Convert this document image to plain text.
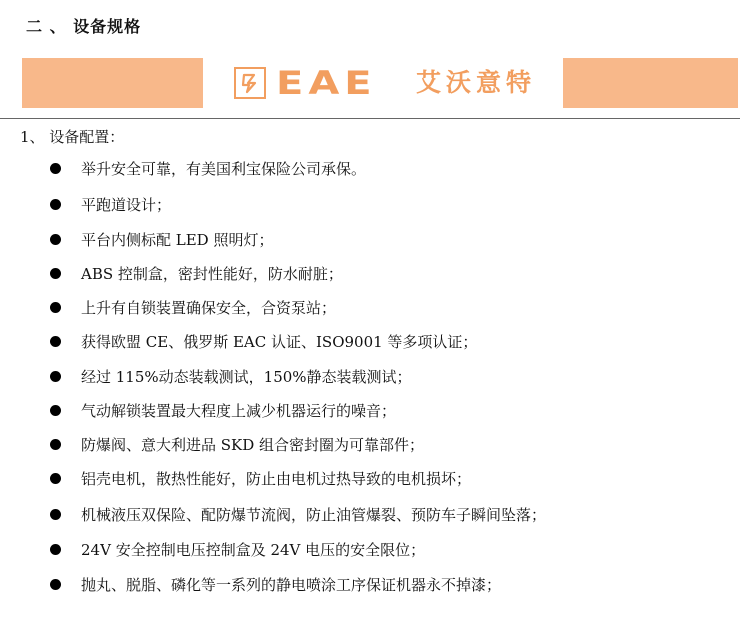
二 、 设备规格
EAE	艾沃意特
1、 设备配置：
举升安全可靠，有美国利宝保险公司承保。
平跑道设计；
平台内侧标配 LED 照明灯；
ABS 控制盒，密封性能好，防水耐脏；
上升有自锁装置确保安全，合资泵站；
获得欧盟 CE、俄罗斯 EAC 认证、ISO9001 等多项认证；
经过 115%动态装载测试，150%静态装载测试；
气动解锁装置最大程度上减少机器运行的噪音；
防爆阀、意大利进品 SKD 组合密封圈为可靠部件；
铝壳电机，散热性能好，防止由电机过热导致的电机损坏；
机械液压双保险、配防爆节流阀，防止油管爆裂、预防车子瞬间坠落；
24V 安全控制电压控制盒及 24V 电压的安全限位；
抛丸、脱脂、磷化等一系列的静电喷涂工序保证机器永不掉漆；
